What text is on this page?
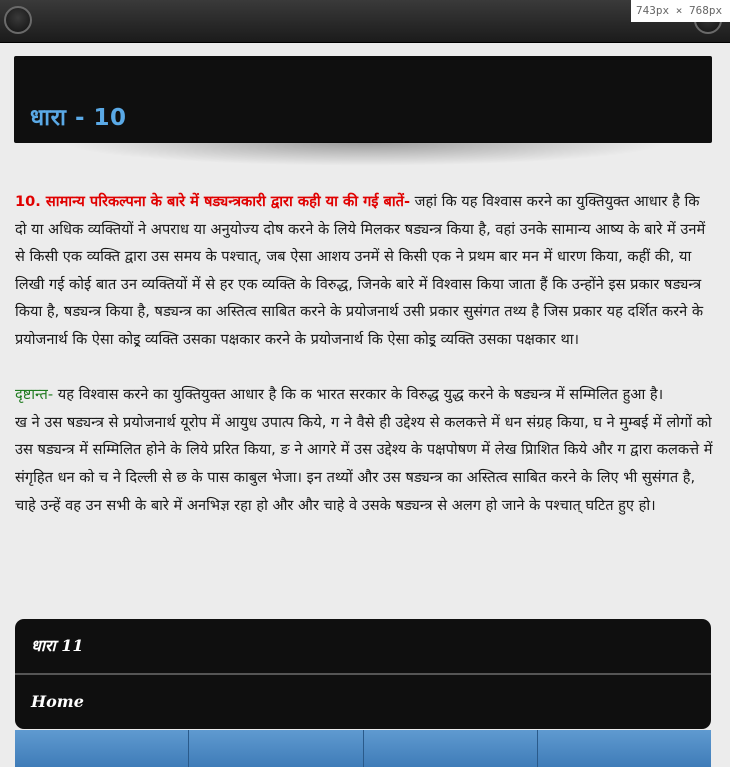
743px × 768px
धारा - 10

10. सामान्य परिकल्पना के बारे में षड्यन्त्रकारी द्वारा कही या की गई बातें- जहां कि यह विश्वास करने का युक्तियुक्त आधार है कि दो या अधिक व्यक्तियों ने अपराध या अनुयोज्य दोष करने के लिये मिलकर षड्यन्त्र किया है, वहां उनके सामान्य आष्य के बारे में उनमें से किसी एक व्यक्ति द्वारा उस समय के पश्चात्, जब ऐसा आशय उनमें से किसी एक ने प्रथम बार मन में धारण किया, कहीं की, या लिखी गई कोई बात उन व्यक्तियों में से हर एक व्यक्ति के विरुद्ध, जिनके बारे में विश्वास किया जाता हैं कि उन्होंने इस प्रकार षड्यन्त्र किया है, षड्यन्त्र किया है, षड्यन्त्र का अस्तित्व साबित करने के प्रयोजनार्थ उसी प्रकार सुसंगत तथ्य है जिस प्रकार यह दर्शित करने के प्रयोजनार्थ कि ऐसा कोइ्र व्यक्ति उसका पक्षकार करने के प्रयोजनार्थ कि ऐसा कोइ्र व्यक्ति उसका पक्षकार था।

दृष्टान्त- यह विश्वास करने का युक्तियुक्त आधार है कि क भारत सरकार के विरुद्ध युद्ध करने के षड्यन्त्र में सम्मिलित हुआ है।

ख ने उस षड्यन्त्र से प्रयोजनार्थ यूरोप में आयुध उपात्प किये, ग ने वैसे ही उद्देश्य से कलकत्ते में धन संग्रह किया, घ ने मुम्बई में लोगों को उस षड्यन्त्र में सम्मिलित होने के लिये प्ररित किया, ङ ने आगरे में उस उद्देश्य के पक्षपोषण में लेख प्रिाशित किये और ग द्वारा कलकत्ते में संगृहित धन को च ने दिल्ली से छ के पास काबुल भेजा। इन तथ्यों और उस षड्यन्त्र का अस्तित्व साबित करने के लिए भी सुसंगत है, चाहे उन्हें वह उन सभी के बारे में अनभिज्ञ रहा हो और और चाहे वे उसके षड्यन्त्र से अलग हो जाने के पश्चात् घटित हुए हो।

धारा 11
Home
